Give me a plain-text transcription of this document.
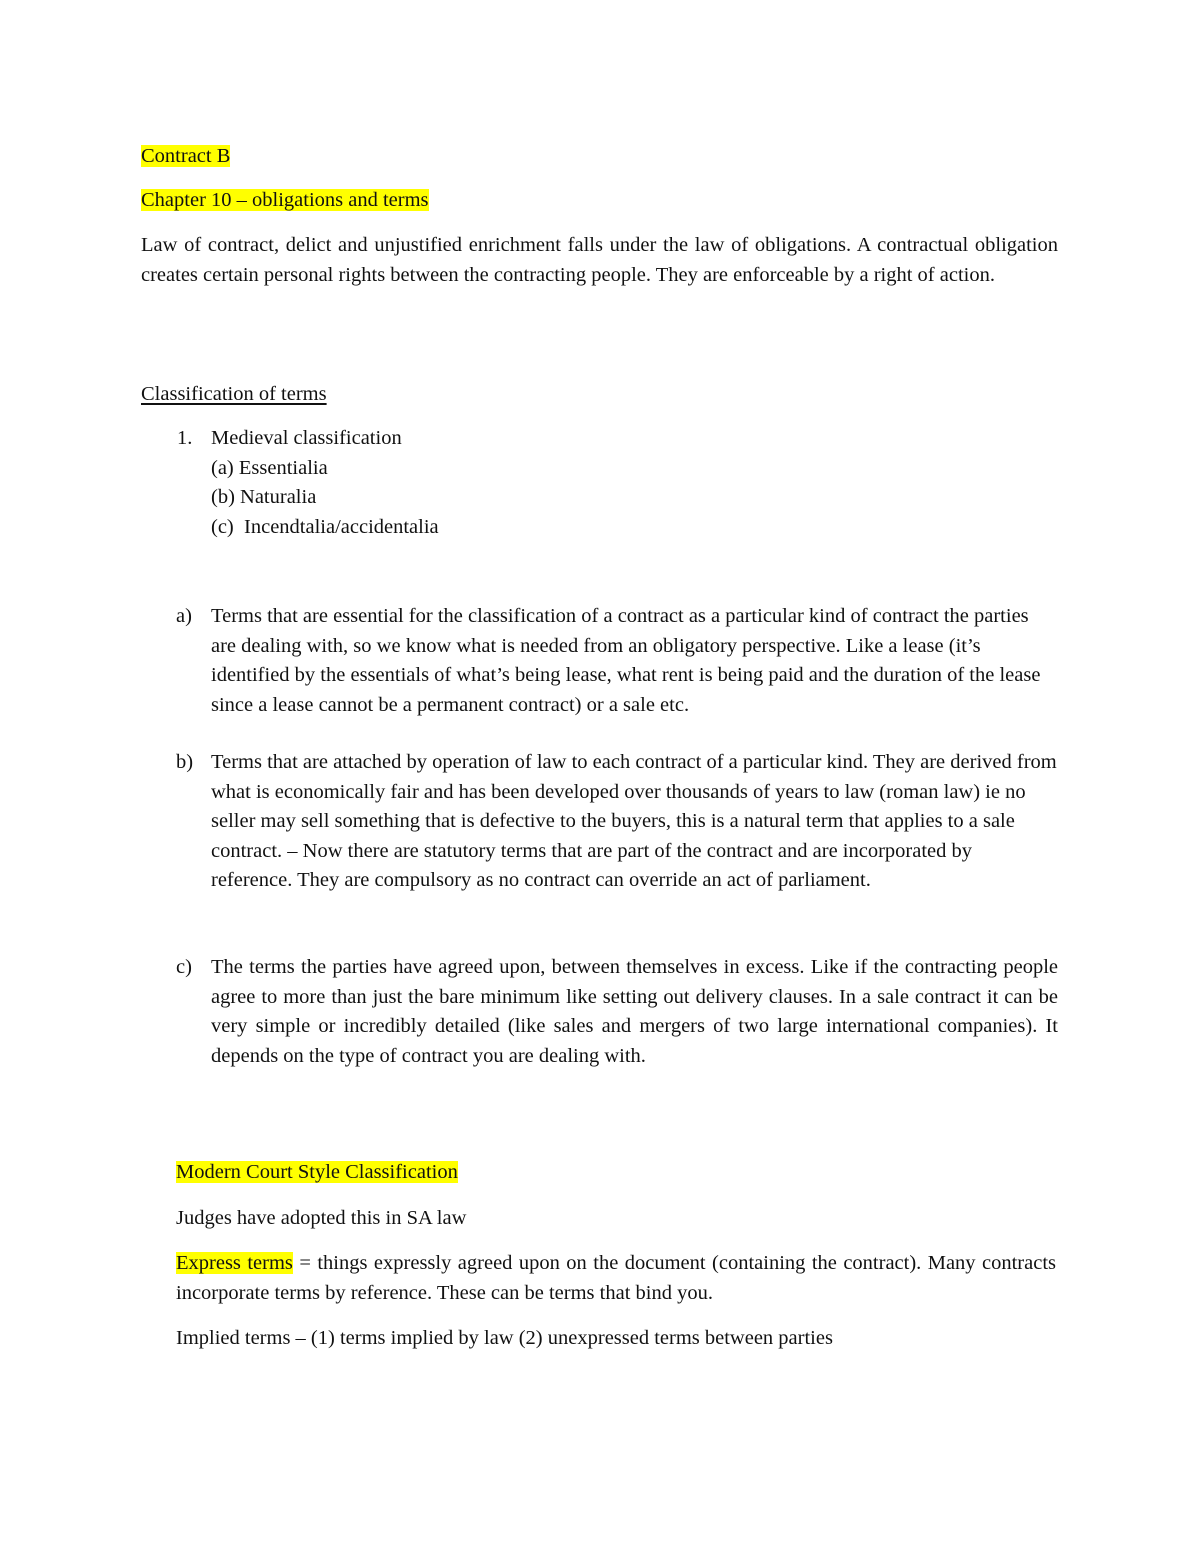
Contract B

Chapter 10 – obligations and terms

Law of contract, delict and unjustified enrichment falls under the law of obligations. A contractual obligation creates certain personal rights between the contracting people. They are enforceable by a right of action.

Classification of terms

1. Medieval classification
(a) Essentialia
(b) Naturalia
(c) Incendtalia/accidentalia
a) Terms that are essential for the classification of a contract as a particular kind of contract the parties are dealing with, so we know what is needed from an obligatory perspective. Like a lease (it’s identified by the essentials of what’s being lease, what rent is being paid and the duration of the lease since a lease cannot be a permanent contract) or a sale etc.

b) Terms that are attached by operation of law to each contract of a particular kind. They are derived from what is economically fair and has been developed over thousands of years to law (roman law) ie no seller may sell something that is defective to the buyers, this is a natural term that applies to a sale contract. – Now there are statutory terms that are part of the contract and are incorporated by reference. They are compulsory as no contract can override an act of parliament.

c) The terms the parties have agreed upon, between themselves in excess. Like if the contracting people agree to more than just the bare minimum like setting out delivery clauses. In a sale contract it can be very simple or incredibly detailed (like sales and mergers of two large international companies). It depends on the type of contract you are dealing with.

Modern Court Style Classification

Judges have adopted this in SA law

Express terms = things expressly agreed upon on the document (containing the contract). Many contracts incorporate terms by reference. These can be terms that bind you.

Implied terms – (1) terms implied by law (2) unexpressed terms between parties
